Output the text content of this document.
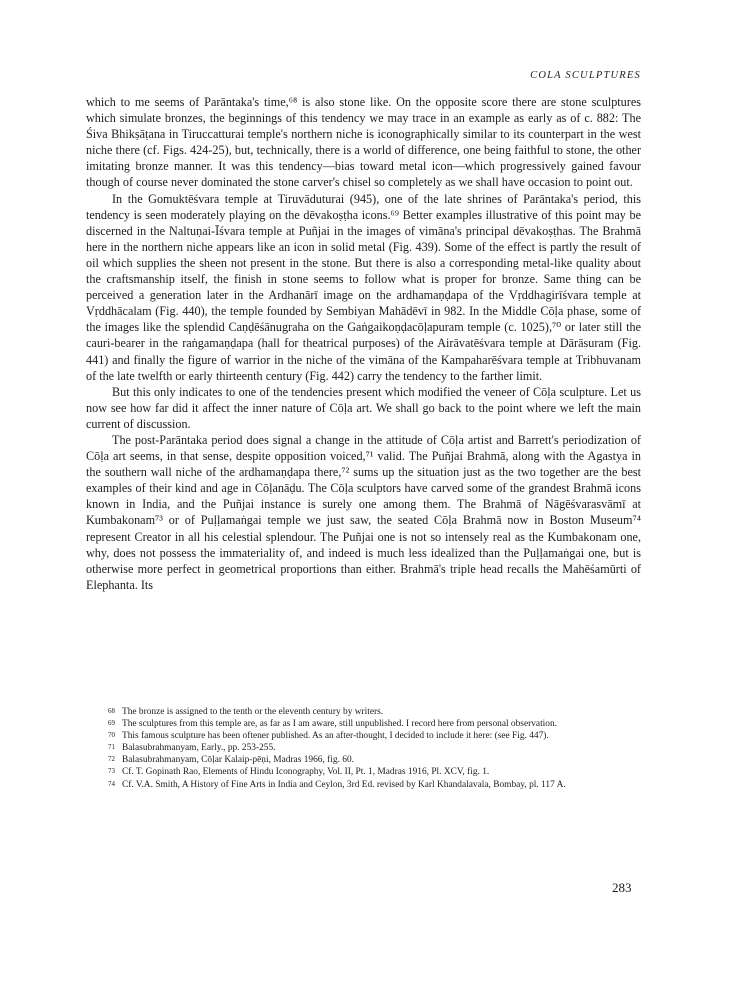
COLA SCULPTURES

which to me seems of Parāntaka's time,⁶⁸ is also stone like. On the opposite score there are stone sculptures which simulate bronzes, the beginnings of this tendency we may trace in an example as early as of c. 882: The Śiva Bhikṣāṭana in Tiruccatturai temple's northern niche is iconographically similar to its counterpart in the west niche there (cf. Figs. 424-25), but, technically, there is a world of difference, one being faithful to stone, the other imitating bronze manner. It was this tendency—bias toward metal icon—which progressively gained favour though of course never dominated the stone carver's chisel so completely as we shall have occasion to point out.

In the Gomuktēśvara temple at Tiruvāduturai (945), one of the late shrines of Parāntaka's period, this tendency is seen moderately playing on the dēvakoṣṭha icons.⁶⁹ Better examples illustrative of this point may be discerned in the Naltuṇai-Īśvara temple at Puñjai in the images of vimāna's principal dēvakoṣṭhas. The Brahmā here in the northern niche appears like an icon in solid metal (Fig. 439). Some of the effect is partly the result of oil which supplies the sheen not present in the stone. But there is also a corresponding metal-like quality about the craftsmanship itself, the finish in stone seems to follow what is proper for bronze. Same thing can be perceived a generation later in the Ardhanārī image on the ardhamaṇḍapa of the Vṛddhagirīśvara temple at Vṛddhācalam (Fig. 440), the temple founded by Sembiyan Mahādēvī in 982. In the Middle Cōḷa phase, some of the images like the splendid Caṇḍēśānugraha on the Gaṅgaikoṇḍacōḷapuram temple (c. 1025),⁷⁰ or later still the cauri-bearer in the raṅgamaṇḍapa (hall for theatrical purposes) of the Airāvatēśvara temple at Dārāsuram (Fig. 441) and finally the figure of warrior in the niche of the vimāna of the Kampaharēśvara temple at Tribhuvanam of the late twelfth or early thirteenth century (Fig. 442) carry the tendency to the farther limit.

But this only indicates to one of the tendencies present which modified the veneer of Cōḷa sculpture. Let us now see how far did it affect the inner nature of Cōḷa art. We shall go back to the point where we left the main current of discussion.

The post-Parāntaka period does signal a change in the attitude of Cōḷa artist and Barrett's periodization of Cōḷa art seems, in that sense, despite opposition voiced,⁷¹ valid. The Puñjai Brahmā, along with the Agastya in the southern wall niche of the ardhamaṇḍapa there,⁷² sums up the situation just as the two together are the best examples of their kind and age in Cōḷanāḍu. The Cōḷa sculptors have carved some of the grandest Brahmā icons known in India, and the Puñjai instance is surely one among them. The Brahmā of Nāgēśvarasvāmī at Kumbakonam⁷³ or of Puḷḷamaṅgai temple we just saw, the seated Cōḷa Brahmā now in Boston Museum⁷⁴ represent Creator in all his celestial splendour. The Puñjai one is not so intensely real as the Kumbakonam one, why, does not possess the immateriality of, and indeed is much less idealized than the Puḷḷamaṅgai one, but is otherwise more perfect in geometrical proportions than either. Brahmā's triple head recalls the Mahēśamūrti of Elephanta. Its

68 The bronze is assigned to the tenth or the eleventh century by writers.
69 The sculptures from this temple are, as far as I am aware, still unpublished. I record here from personal observation.
70 This famous sculpture has been oftener published. As an after-thought, I decided to include it here: (see Fig. 447).
71 Balasubrahmanyam, Early., pp. 253-255.
72 Balasubrahmanyam, Cōḷar Kalaip-pēṇi, Madras 1966, fig. 60.
73 Cf. T. Gopinath Rao, Elements of Hindu Iconography, Vol. II, Pt. 1, Madras 1916, Pl. XCV, fig. 1.
74 Cf. V.A. Smith, A History of Fine Arts in India and Ceylon, 3rd Ed. revised by Karl Khandalavala, Bombay, pl. 117 A.
283
